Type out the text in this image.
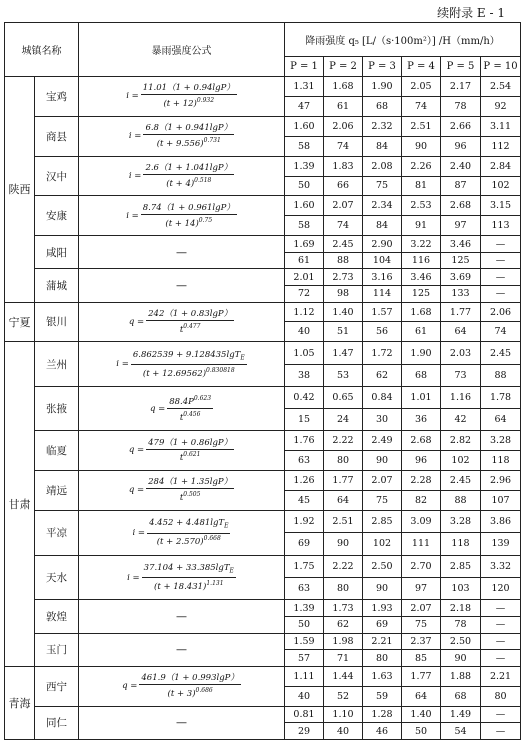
续附录 E - 1
城镇名称		暴雨强度公式	降雨强度 q₅ [L/（s·100m²）] /H（mm/h）					
			P = 1	P = 2	P = 3	P = 4	P = 5	P = 10
陕西	宝鸡	$i = \frac{11.01(1 + 0.94\lg P)}{(t + 12)^{0.932}}$	1.31	1.68	1.90	2.05	2.17	2.54
			47	61	68	74	78	92
	商县	$i = \frac{6.8(1 + 0.941\lg P)}{(t + 9.556)^{0.731}}$	1.60	2.06	2.32	2.51	2.66	3.11
			58	74	84	90	96	112
	汉中	$i = \frac{2.6(1 + 1.041\lg P)}{(t + 4)^{0.518}}$	1.39	1.83	2.08	2.26	2.40	2.84
			50	66	75	81	87	102
	安康	$i = \frac{8.74(1 + 0.961\lg P)}{(t + 14)^{0.75}}$	1.60	2.07	2.34	2.53	2.68	3.15
			58	74	84	91	97	113
	咸阳	—	1.69	2.45	2.90	3.22	3.46	—
			61	88	104	116	125	—
	蒲城	—	2.01	2.73	3.16	3.46	3.69	—
			72	98	114	125	133	—
宁夏	银川	$q = \frac{242(1 + 0.83\lg P)}{t^{0.477}}$	1.12	1.40	1.57	1.68	1.77	2.06
			40	51	56	61	64	74
甘肃	兰州	$i = \frac{6.862539 + 9.128435\lg T_E}{(t + 12.69562)^{0.830818}}$	1.05	1.47	1.72	1.90	2.03	2.45
			38	53	62	68	73	88
	张掖	$q = \frac{88.4P^{0.623}}{t^{0.456}}$	0.42	0.65	0.84	1.01	1.16	1.78
			15	24	30	36	42	64
	临夏	$q = \frac{479(1 + 0.86\lg P)}{t^{0.621}}$	1.76	2.22	2.49	2.68	2.82	3.28
			63	80	90	96	102	118
	靖远	$q = \frac{284(1 + 1.35\lg P)}{t^{0.505}}$	1.26	1.77	2.07	2.28	2.45	2.96
			45	64	75	82	88	107
	平凉	$i = \frac{4.452 + 4.481\lg T_E}{(t + 2.570)^{0.668}}$	1.92	2.51	2.85	3.09	3.28	3.86
			69	90	102	111	118	139
	天水	$i = \frac{37.104 + 33.385\lg T_E}{(t + 18.431)^{1.131}}$	1.75	2.22	2.50	2.70	2.85	3.32
			63	80	90	97	103	120
	敦煌	—	1.39	1.73	1.93	2.07	2.18	—
			50	62	69	75	78	—
	玉门	—	1.59	1.98	2.21	2.37	2.50	—
			57	71	80	85	90	—
青海	西宁	$q = \frac{461.9(1 + 0.993\lg P)}{(t + 3)^{0.686}}$	1.11	1.44	1.63	1.77	1.88	2.21
			40	52	59	64	68	80
	同仁	—	0.81	1.10	1.28	1.40	1.49	—
			29	40	46	50	54	—
